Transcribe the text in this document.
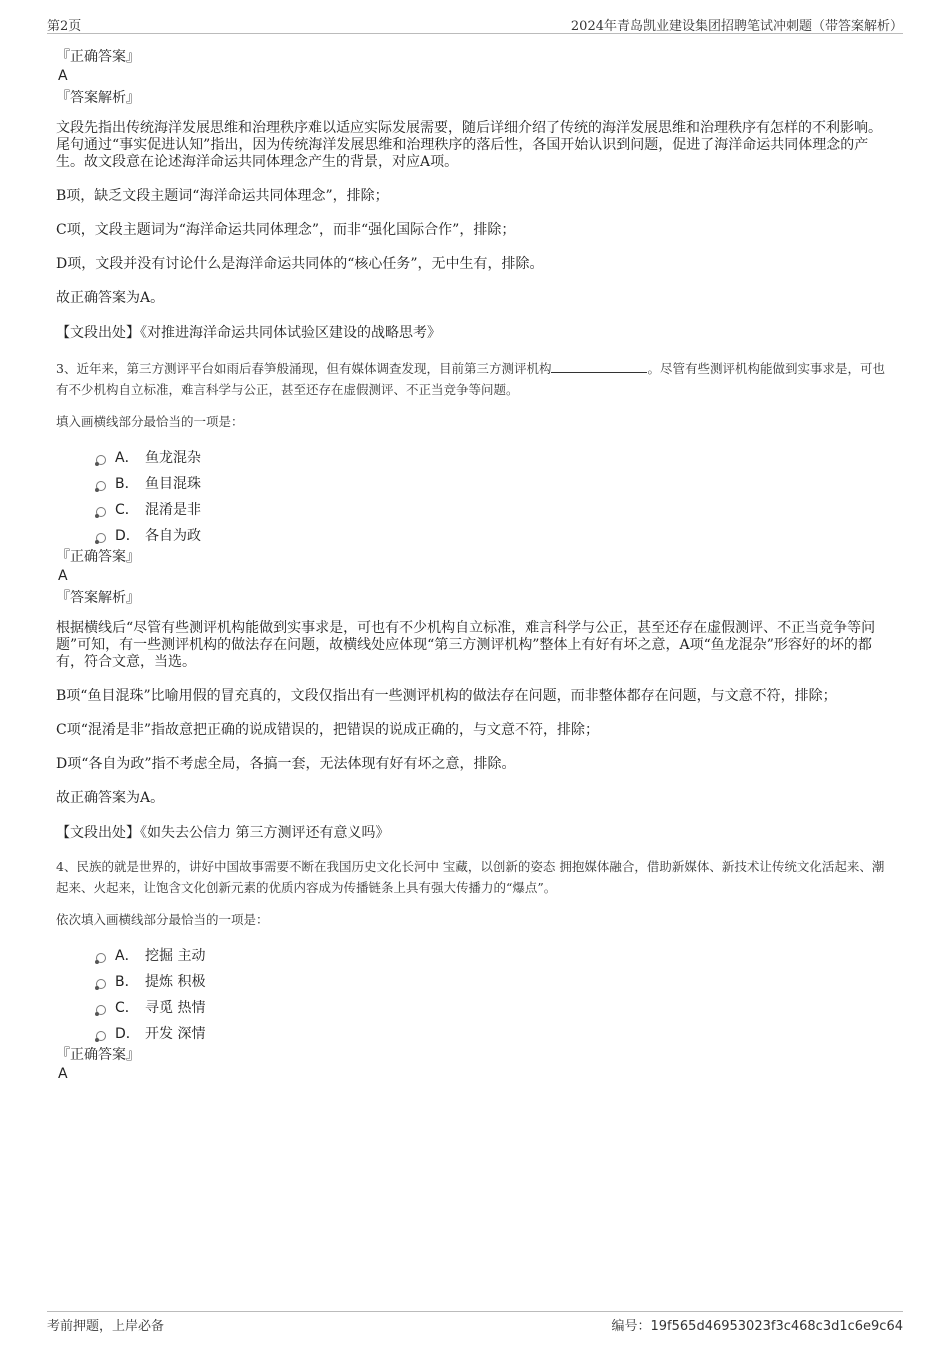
第2页	2024年青岛凯业建设集团招聘笔试冲刺题（带答案解析）
『正确答案』
A
『答案解析』

文段先指出传统海洋发展思维和治理秩序难以适应实际发展需要，随后详细介绍了传统的海洋发展思维和治理秩序有怎样的不利影响。尾句通过“事实促进认知”指出，因为传统海洋发展思维和治理秩序的落后性，各国开始认识到问题，促进了海洋命运共同体理念的产生。故文段意在论述海洋命运共同体理念产生的背景，对应A项。

B项，缺乏文段主题词“海洋命运共同体理念”，排除；

C项，文段主题词为“海洋命运共同体理念”，而非“强化国际合作”，排除；

D项，文段并没有讨论什么是海洋命运共同体的“核心任务”，无中生有，排除。

故正确答案为A。

【文段出处】《对推进海洋命运共同体试验区建设的战略思考》

3、近年来，第三方测评平台如雨后春笋般涌现，但有媒体调查发现，目前第三方测评机构	。尽管有些测评机构能做到实事求是，可也有不少机构自立标准，难言科学与公正，甚至还存在虚假测评、不正当竞争等问题。

填入画横线部分最恰当的一项是：

A． 鱼龙混杂
B． 鱼目混珠
C． 混淆是非
D． 各自为政
『正确答案』
A
『答案解析』

根据横线后“尽管有些测评机构能做到实事求是，可也有不少机构自立标准，难言科学与公正，甚至还存在虚假测评、不正当竞争等问题”可知，有一些测评机构的做法存在问题，故横线处应体现“第三方测评机构”整体上有好有坏之意，A项“鱼龙混杂”形容好的坏的都有，符合文意，当选。

B项“鱼目混珠”比喻用假的冒充真的，文段仅指出有一些测评机构的做法存在问题，而非整体都存在问题，与文意不符，排除；

C项“混淆是非”指故意把正确的说成错误的，把错误的说成正确的，与文意不符，排除；

D项“各自为政”指不考虑全局，各搞一套，无法体现有好有坏之意，排除。

故正确答案为A。

【文段出处】《如失去公信力 第三方测评还有意义吗》

4、民族的就是世界的，讲好中国故事需要不断在我国历史文化长河中 宝藏，以创新的姿态 拥抱媒体融合，借助新媒体、新技术让传统文化活起来、潮起来、火起来，让饱含文化创新元素的优质内容成为传播链条上具有强大传播力的“爆点”。

依次填入画横线部分最恰当的一项是：

A． 挖掘 主动
B． 提炼 积极
C． 寻觅 热情
D． 开发 深情
『正确答案』
A
考前押题，上岸必备	编号：19f565d46953023f3c468c3d1c6e9c64
